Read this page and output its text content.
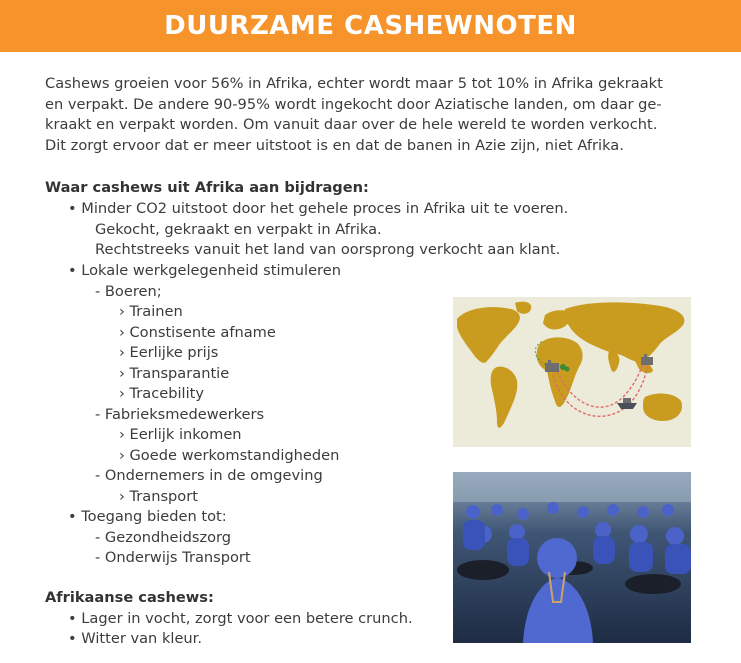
DUURZAME CASHEWNOTEN
Cashews groeien voor 56% in Afrika, echter wordt maar 5 tot 10% in Afrika gekraakt
en verpakt. De andere 90-95% wordt ingekocht door Aziatische landen, om daar ge-
kraakt en verpakt worden. Om vanuit daar over de hele wereld te worden verkocht.
Dit zorgt ervoor dat er meer uitstoot is en dat de banen in Azie zijn, niet Afrika.
Waar cashews uit Afrika aan bijdragen:
• Minder CO2 uitstoot door het gehele proces in Afrika uit te voeren.
Gekocht, gekraakt en verpakt in Afrika.
Rechtstreeks vanuit het land van oorsprong verkocht aan klant.
• Lokale werkgelegenheid stimuleren
- Boeren;
› Trainen
› Constisente afname
› Eerlijke prijs
› Transparantie
› Tracebility
- Fabrieksmedewerkers
› Eerlijk inkomen
› Goede werkomstandigheden
- Ondernemers in de omgeving
› Transport
• Toegang bieden tot:
- Gezondheidszorg
- Onderwijs Transport
Afrikaanse cashews:
• Lager in vocht, zorgt voor een betere crunch.
• Witter van kleur.
